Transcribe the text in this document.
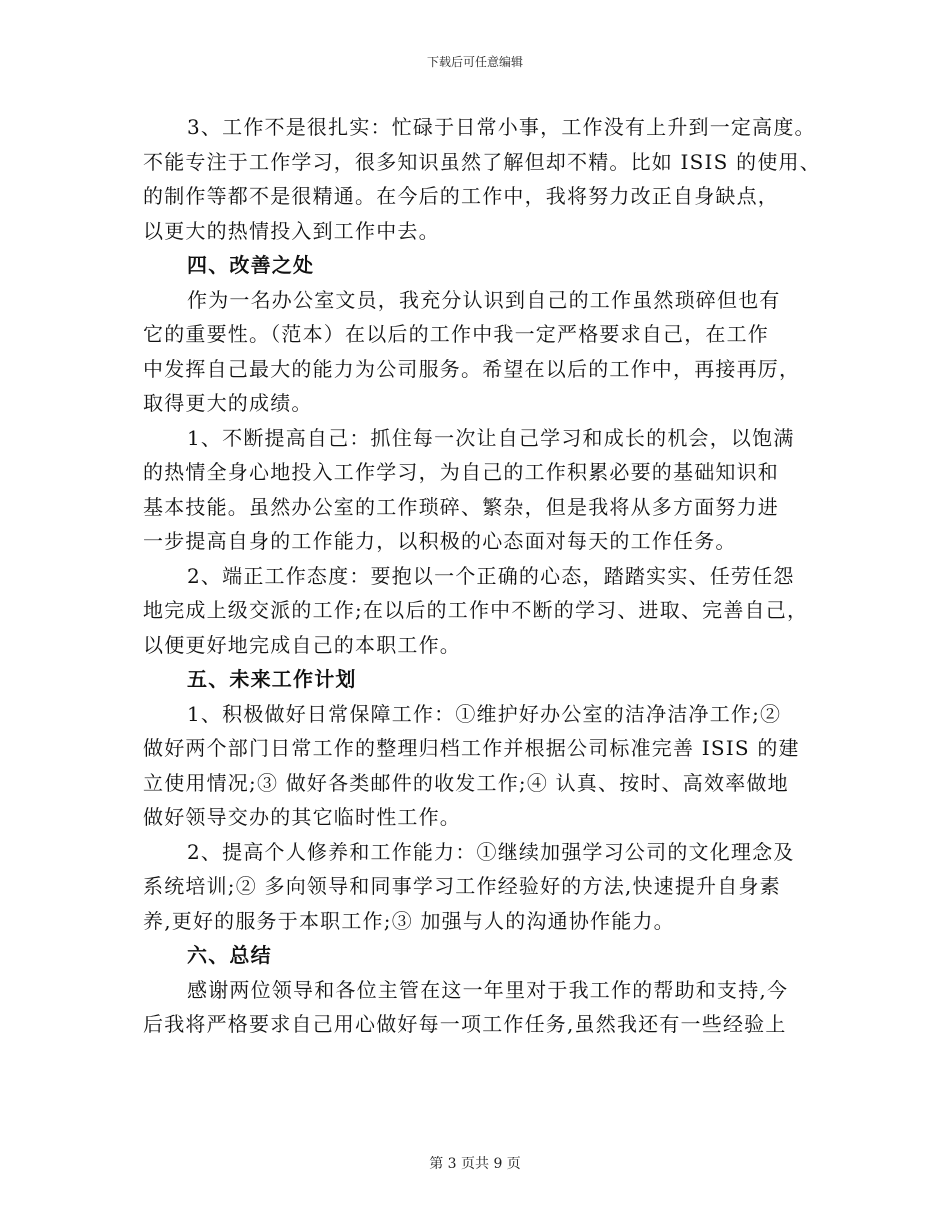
下载后可任意编辑
3、工作不是很扎实：忙碌于日常小事，工作没有上升到一定高度。
不能专注于工作学习，很多知识虽然了解但却不精。比如 ISIS 的使用、
的制作等都不是很精通。在今后的工作中，我将努力改正自身缺点，
以更大的热情投入到工作中去。
四、改善之处
作为一名办公室文员，我充分认识到自己的工作虽然琐碎但也有
它的重要性。（范本）在以后的工作中我一定严格要求自己，在工作
中发挥自己最大的能力为公司服务。希望在以后的工作中，再接再厉，
取得更大的成绩。
1、不断提高自己：抓住每一次让自己学习和成长的机会，以饱满
的热情全身心地投入工作学习，为自己的工作积累必要的基础知识和
基本技能。虽然办公室的工作琐碎、繁杂，但是我将从多方面努力进
一步提高自身的工作能力，以积极的心态面对每天的工作任务。
2、端正工作态度：要抱以一个正确的心态，踏踏实实、任劳任怨
地完成上级交派的工作;在以后的工作中不断的学习、进取、完善自己，
以便更好地完成自己的本职工作。
五、未来工作计划
1、积极做好日常保障工作：①维护好办公室的洁净洁净工作;②
做好两个部门日常工作的整理归档工作并根据公司标准完善 ISIS 的建
立使用情况;③ 做好各类邮件的收发工作;④ 认真、按时、高效率做地
做好领导交办的其它临时性工作。
2、提高个人修养和工作能力：①继续加强学习公司的文化理念及
系统培训;② 多向领导和同事学习工作经验好的方法,快速提升自身素
养,更好的服务于本职工作;③ 加强与人的沟通协作能力。
六、总结
感谢两位领导和各位主管在这一年里对于我工作的帮助和支持,今
后我将严格要求自己用心做好每一项工作任务,虽然我还有一些经验上
第 3 页共 9 页
